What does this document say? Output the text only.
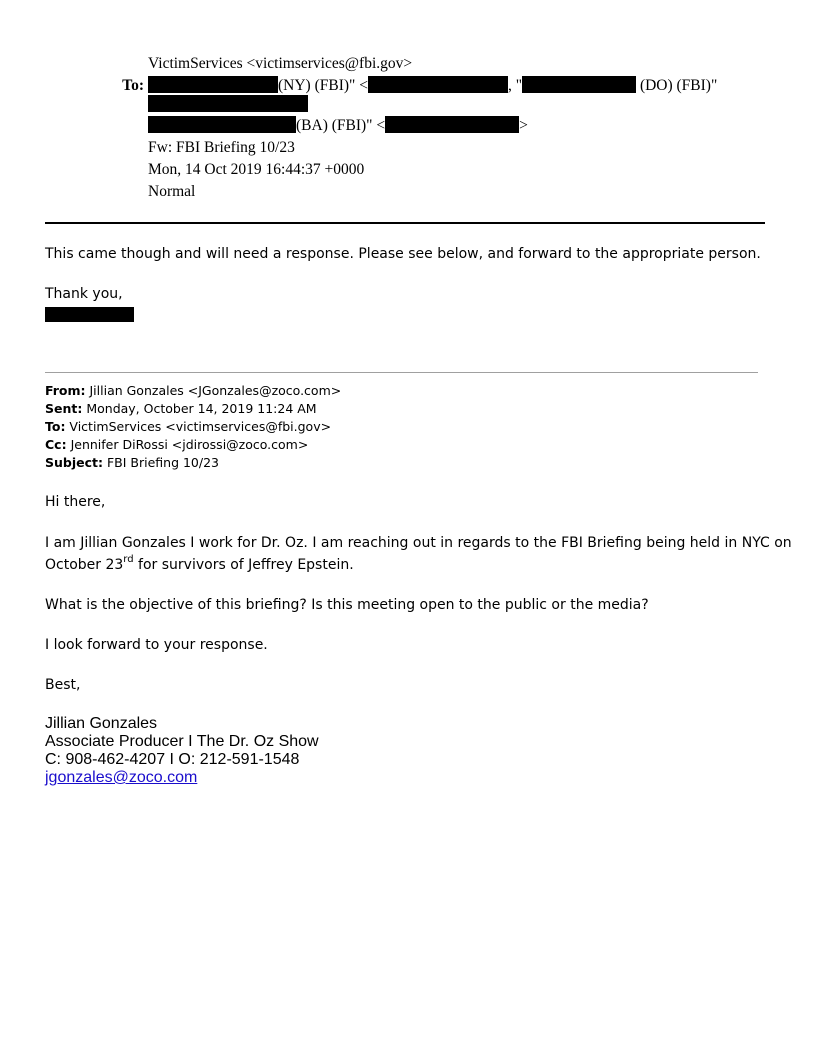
VictimServices <victimservices@fbi.gov>
To:	(NY) (FBI)" <	, "	(DO) (FBI)"
(BA) (FBI)" <	>
Fw: FBI Briefing 10/23
Mon, 14 Oct 2019 16:44:37 +0000
Normal
This came though and will need a response. Please see below, and forward to the appropriate person.
Thank you,
From: Jillian Gonzales <JGonzales@zoco.com>
Sent: Monday, October 14, 2019 11:24 AM
To: VictimServices <victimservices@fbi.gov>
Cc: Jennifer DiRossi <jdirossi@zoco.com>
Subject: FBI Briefing 10/23
Hi there,
I am Jillian Gonzales I work for Dr. Oz. I am reaching out in regards to the FBI Briefing being held in NYC on
October 23rd for survivors of Jeffrey Epstein.
What is the objective of this briefing? Is this meeting open to the public or the media?
I look forward to your response.
Best,
Jillian Gonzales
Associate Producer I The Dr. Oz Show
C: 908-462-4207 I O: 212-591-1548
jgonzales@zoco.com
